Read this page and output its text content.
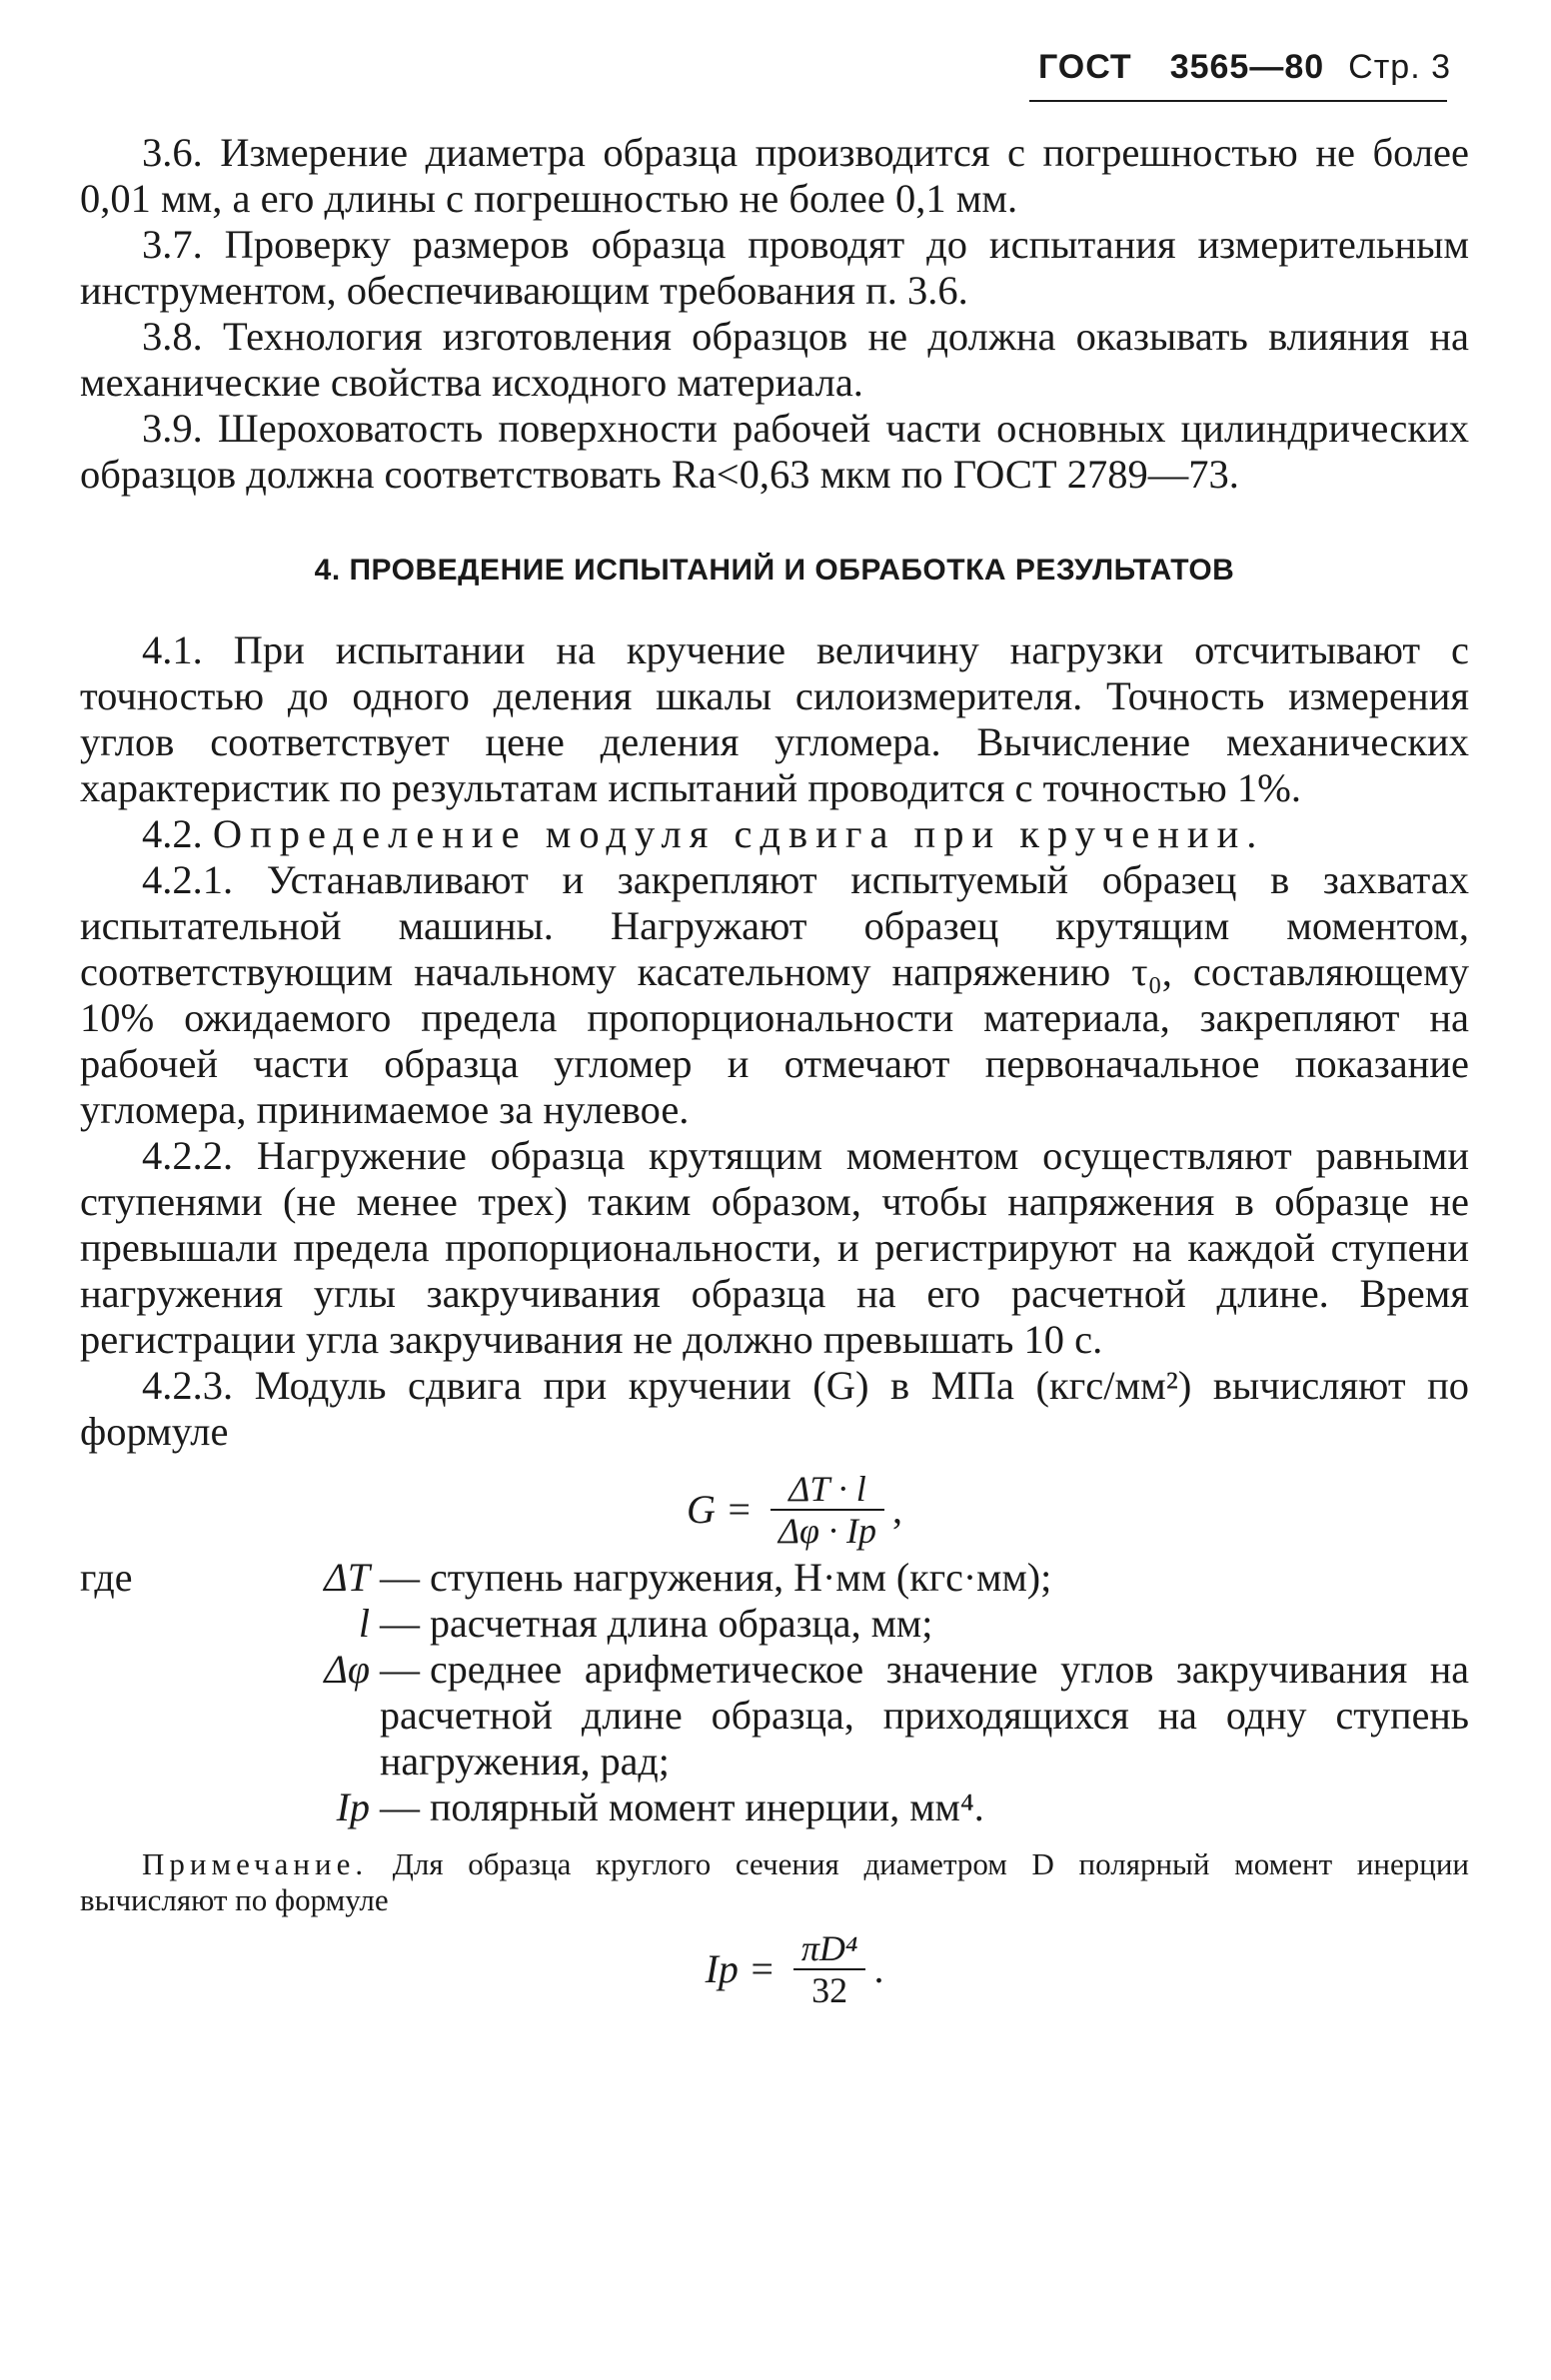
ГОСТ 3565—80 Стр. 3

3.6. Измерение диаметра образца производится с погрешностью не более 0,01 мм, а его длины с погрешностью не более 0,1 мм.

3.7. Проверку размеров образца проводят до испытания измерительным инструментом, обеспечивающим требования п. 3.6.

3.8. Технология изготовления образцов не должна оказывать влияния на механические свойства исходного материала.

3.9. Шероховатость поверхности рабочей части основных цилиндрических образцов должна соответствовать Ra<0,63 мкм по ГОСТ 2789—73.

4. ПРОВЕДЕНИЕ ИСПЫТАНИЙ И ОБРАБОТКА РЕЗУЛЬТАТОВ

4.1. При испытании на кручение величину нагрузки отсчитывают с точностью до одного деления шкалы силоизмерителя. Точность измерения углов соответствует цене деления угломера. Вычисление механических характеристик по результатам испытаний проводится с точностью 1%.

4.2. Определение модуля сдвига при кручении.

4.2.1. Устанавливают и закрепляют испытуемый образец в захватах испытательной машины. Нагружают образец крутящим моментом, соответствующим начальному касательному напряжению τ₀, составляющему 10% ожидаемого предела пропорциональности материала, закрепляют на рабочей части образца угломер и отмечают первоначальное показание угломера, принимаемое за нулевое.

4.2.2. Нагружение образца крутящим моментом осуществляют равными ступенями (не менее трех) таким образом, чтобы напряжения в образце не превышали предела пропорциональности, и регистрируют на каждой ступени нагружения углы закручивания образца на его расчетной длине. Время регистрации угла закручивания не должно превышать 10 с.

4.2.3. Модуль сдвига при кручении (G) в МПа (кгс/мм²) вычисляют по формуле

$G = \frac{\Delta T \cdot l}{\Delta\varphi \cdot Iр}$ ,
где	ΔT — ступень нагружения, Н·мм (кгс·мм);
l — расчетная длина образца, мм;
Δφ — среднее арифметическое значение углов закручивания на расчетной длине образца, приходящихся на одну ступень нагружения, рад;
Iр — полярный момент инерции, мм⁴.

Примечание. Для образца круглого сечения диаметром D полярный момент инерции вычисляют по формуле

Iр = $\frac{\text{πD⁴}}{32}$ .
